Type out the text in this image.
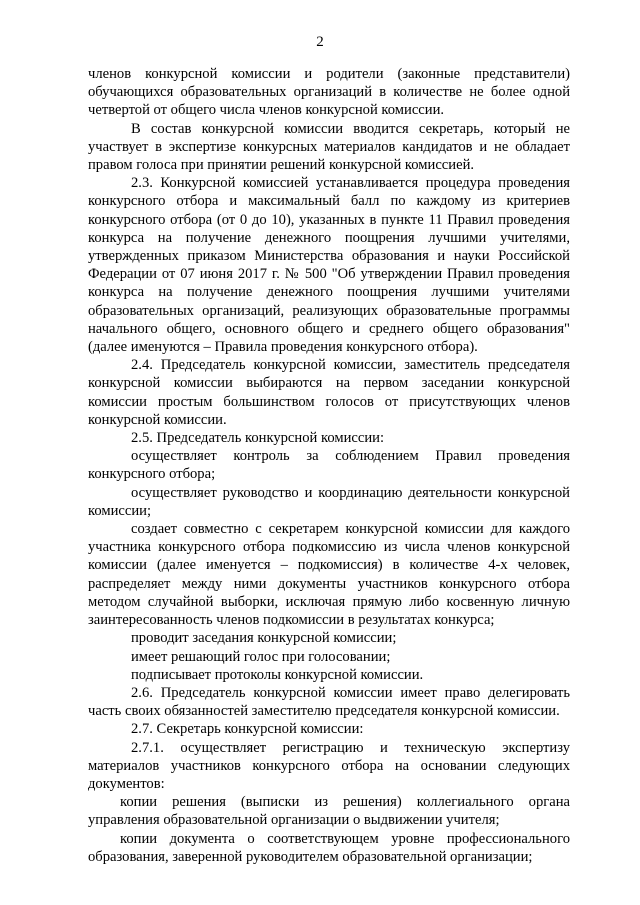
2

членов конкурсной комиссии и родители (законные представители) обучающихся образовательных организаций в количестве не более одной четвертой от общего числа членов конкурсной комиссии.

В состав конкурсной комиссии вводится секретарь, который не участвует в экспертизе конкурсных материалов кандидатов и не обладает правом голоса при принятии решений конкурсной комиссией.

2.3. Конкурсной комиссией устанавливается процедура проведения конкурсного отбора и максимальный балл по каждому из критериев конкурсного отбора (от 0 до 10), указанных в пункте 11 Правил проведения конкурса на получение денежного поощрения лучшими учителями, утвержденных приказом Министерства образования и науки Российской Федерации от 07 июня 2017 г. № 500 "Об утверждении Правил проведения конкурса на получение денежного поощрения лучшими учителями образовательных организаций, реализующих образовательные программы начального общего, основного общего и среднего общего образования" (далее именуются – Правила проведения конкурсного отбора).

2.4. Председатель конкурсной комиссии, заместитель председателя конкурсной комиссии выбираются на первом заседании конкурсной комиссии простым большинством голосов от присутствующих членов конкурсной комиссии.

2.5. Председатель конкурсной комиссии:

осуществляет контроль за соблюдением Правил проведения конкурсного отбора;

осуществляет руководство и координацию деятельности конкурсной комиссии;

создает совместно с секретарем конкурсной комиссии для каждого участника конкурсного отбора подкомиссию из числа членов конкурсной комиссии (далее именуется – подкомиссия) в количестве 4-х человек, распределяет между ними документы участников конкурсного отбора методом случайной выборки, исключая прямую либо косвенную личную заинтересованность членов подкомиссии в результатах конкурса;

проводит заседания конкурсной комиссии;

имеет решающий голос при голосовании;

подписывает протоколы конкурсной комиссии.

2.6. Председатель конкурсной комиссии имеет право делегировать часть своих обязанностей заместителю председателя конкурсной комиссии.

2.7. Секретарь конкурсной комиссии:

2.7.1. осуществляет регистрацию и техническую экспертизу материалов участников конкурсного отбора на основании следующих документов:

копии решения (выписки из решения) коллегиального органа управления образовательной организации о выдвижении учителя;

копии документа о соответствующем уровне профессионального образования, заверенной руководителем образовательной организации;
